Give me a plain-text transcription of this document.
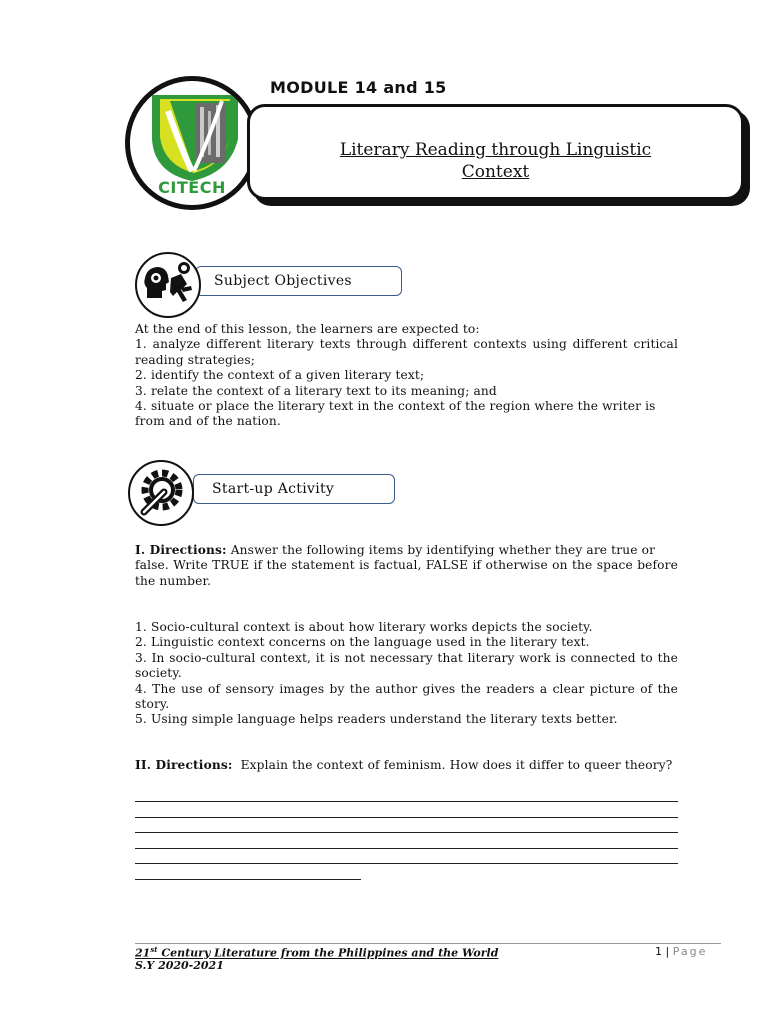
CITECH
MODULE 14 and 15
Literary Reading through Linguistic
Context
Subject Objectives
At the end of this lesson, the learners are expected to:
1. analyze different literary texts through different contexts using different critical reading strategies;
2. identify the context of a given literary text;
3. relate the context of a literary text to its meaning; and
4. situate or place the literary text in the context of the region where the writer is from and of the nation.
Start-up Activity
I. Directions: Answer the following items by identifying whether they are true or
false. Write TRUE if the statement is factual, FALSE if otherwise on the space before the number.
1. Socio-cultural context is about how literary works depicts the society.
2. Linguistic context concerns on the language used in the literary text.
3. In socio-cultural context, it is not necessary that literary work is connected to the society.
4. The use of sensory images by the author gives the readers a clear picture of the story.
5. Using simple language helps readers understand the literary texts better.
II. Directions: Explain the context of feminism. How does it differ to queer theory?
21st Century Literature from the Philippines and the World
S.Y 2020-2021
1 | Page
